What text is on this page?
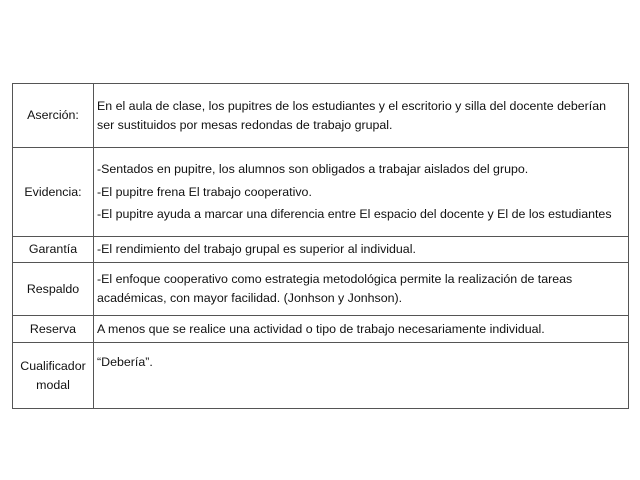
Aserción:	En el aula de clase, los pupitres de los estudiantes y el escritorio y silla del docente deberían
ser sustituidos por mesas redondas de trabajo grupal.

Evidencia:	-Sentados en pupitre, los alumnos son obligados a trabajar aislados del grupo.
-El pupitre frena El trabajo cooperativo.
-El pupitre ayuda a marcar una diferencia entre El espacio del docente y El de los estudiantes

Garantía	-El rendimiento del trabajo grupal es superior al individual.

Respaldo	-El enfoque cooperativo como estrategia metodológica permite la realización de tareas
académicas, con mayor facilidad. (Jonhson y Jonhson).

Reserva	A menos que se realice una actividad o tipo de trabajo necesariamente individual.

Cualificador
modal	“Debería”.
